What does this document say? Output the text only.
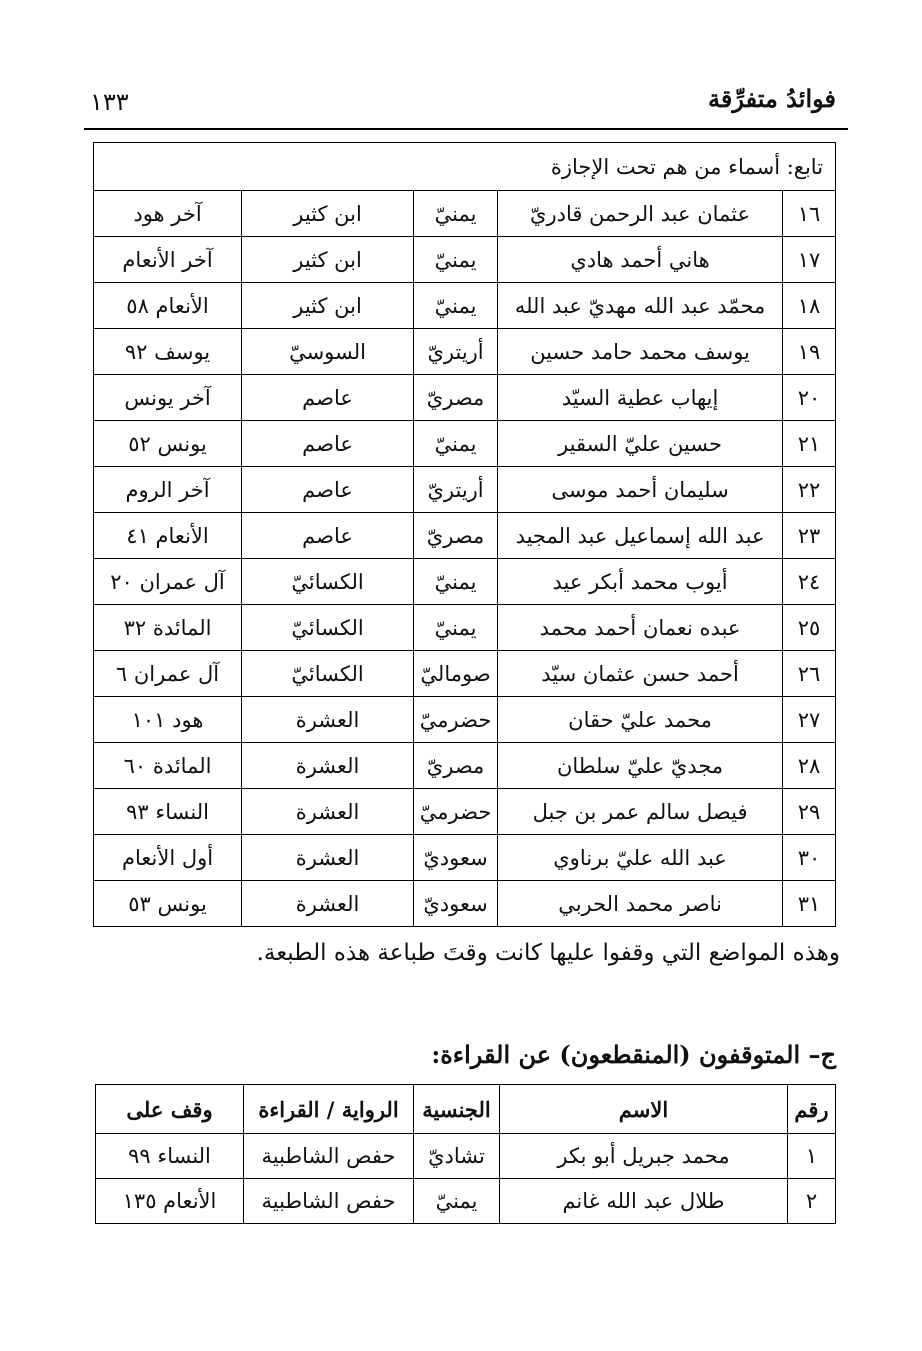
فوائدُ متفرِّقة
١٣٣
تابع: أسماء من هم تحت الإجازة				
١٦	عثمان عبد الرحمن قادريّ	يمنيّ	ابن كثير	آخر هود
١٧	هاني أحمد هادي	يمنيّ	ابن كثير	آخر الأنعام
١٨	محمّد عبد الله مهديّ عبد الله	يمنيّ	ابن كثير	الأنعام ٥٨
١٩	يوسف محمد حامد حسين	أريتريّ	السوسيّ	يوسف ٩٢
٢٠	إيهاب عطية السيّد	مصريّ	عاصم	آخر يونس
٢١	حسين عليّ السقير	يمنيّ	عاصم	يونس ٥٢
٢٢	سليمان أحمد موسى	أريتريّ	عاصم	آخر الروم
٢٣	عبد الله إسماعيل عبد المجيد	مصريّ	عاصم	الأنعام ٤١
٢٤	أيوب محمد أبكر عيد	يمنيّ	الكسائيّ	آل عمران ٢٠
٢٥	عبده نعمان أحمد محمد	يمنيّ	الكسائيّ	المائدة ٣٢
٢٦	أحمد حسن عثمان سيّد	صوماليّ	الكسائيّ	آل عمران ٦
٢٧	محمد عليّ حقان	حضرميّ	العشرة	هود ١٠١
٢٨	مجديّ عليّ سلطان	مصريّ	العشرة	المائدة ٦٠
٢٩	فيصل سالم عمر بن جبل	حضرميّ	العشرة	النساء ٩٣
٣٠	عبد الله عليّ برناوي	سعوديّ	العشرة	أول الأنعام
٣١	ناصر محمد الحربي	سعوديّ	العشرة	يونس ٥٣
وهذه المواضع التي وقفوا عليها كانت وقتَ طباعة هذه الطبعة.
ج– المتوقفون (المنقطعون) عن القراءة:
رقم	الاسم	الجنسية	الرواية / القراءة	وقف على
١	محمد جبريل أبو بكر	تشاديّ	حفص الشاطبية	النساء ٩٩
٢	طلال عبد الله غانم	يمنيّ	حفص الشاطبية	الأنعام ١٣٥
